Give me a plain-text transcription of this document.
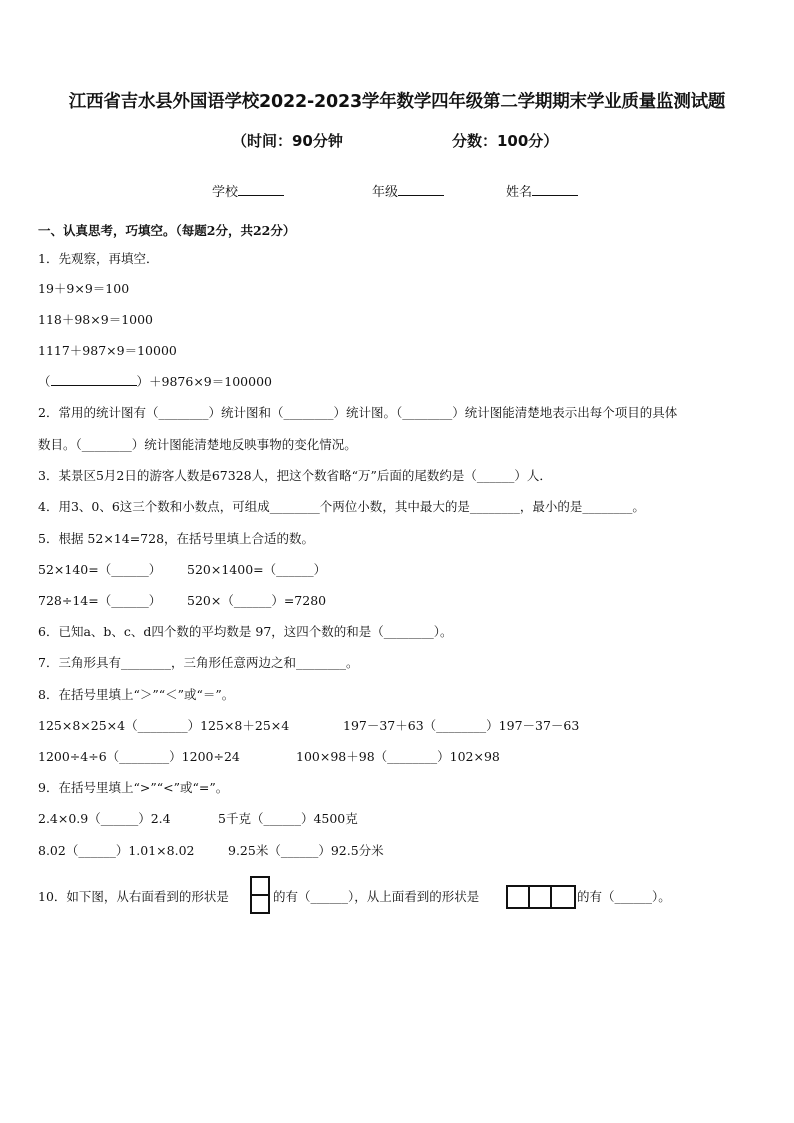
江西省吉水县外国语学校2022-2023学年数学四年级第二学期期末学业质量监测试题
（时间：90分钟	分数：100分）
学校	年级	姓名
一、认真思考，巧填空。（每题2分，共22分）
1．先观察，再填空．
19＋9×9＝100
118＋98×9＝1000
1117＋987×9＝10000
（	）＋9876×9＝100000
2．常用的统计图有（________）统计图和（________）统计图。（________）统计图能清楚地表示出每个项目的具体
数目。（________）统计图能清楚地反映事物的变化情况。
3．某景区5月2日的游客人数是67328人，把这个数省略“万”后面的尾数约是（______）人．
4．用3、0、6这三个数和小数点，可组成________个两位小数，其中最大的是________，最小的是________。
5．根据 52×14=728，在括号里填上合适的数。
52×140=（______） 520×1400=（______）
728÷14=（______） 520×（______）=7280
6．已知a、b、c、d四个数的平均数是 97，这四个数的和是（________）。
7．三角形具有________，三角形任意两边之和________。
8．在括号里填上“＞”“＜”或“＝”。
125×8×25×4（________）125×8＋25×4	197－37＋63（________）197－37－63
1200÷4÷6（________）1200÷24	100×98＋98（________）102×98
9．在括号里填上“>”“<”或“=”。
2.4×0.9（______）2.4	5千克（______）4500克
8.02（______）1.01×8.02	9.25米（______）92.5分米
10．如下图，从右面看到的形状是	的有（______），从上面看到的形状是	的有（______）。
